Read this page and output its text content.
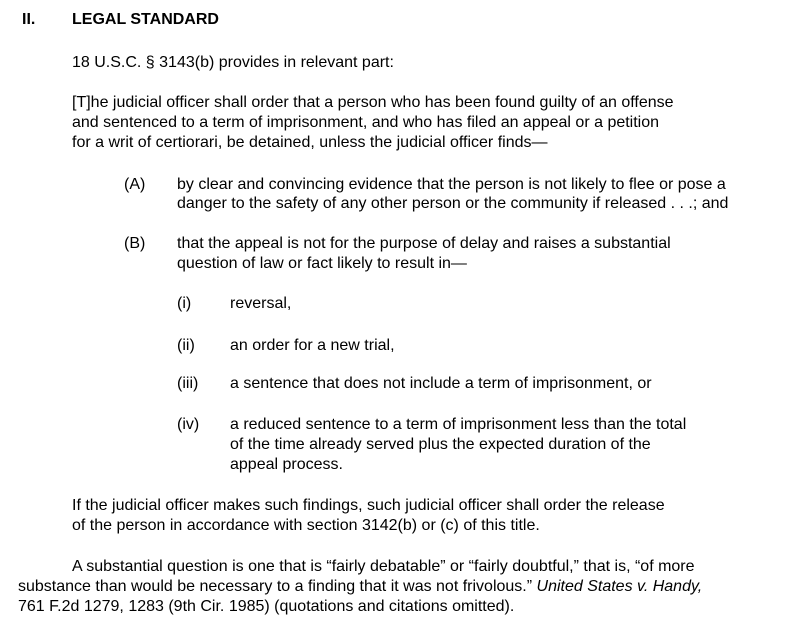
II. LEGAL STANDARD
18 U.S.C. § 3143(b) provides in relevant part:
[T]he judicial officer shall order that a person who has been found guilty of an offense
and sentenced to a term of imprisonment, and who has filed an appeal or a petition
for a writ of certiorari, be detained, unless the judicial officer finds—
(A) by clear and convincing evidence that the person is not likely to flee or pose a
danger to the safety of any other person or the community if released . . .; and
(B) that the appeal is not for the purpose of delay and raises a substantial
question of law or fact likely to result in—
(i) reversal,
(ii) an order for a new trial,
(iii) a sentence that does not include a term of imprisonment, or
(iv) a reduced sentence to a term of imprisonment less than the total
of the time already served plus the expected duration of the
appeal process.
If the judicial officer makes such findings, such judicial officer shall order the release
of the person in accordance with section 3142(b) or (c) of this title.
A substantial question is one that is “fairly debatable” or “fairly doubtful,” that is, “of more
substance than would be necessary to a finding that it was not frivolous.” United States v. Handy,
761 F.2d 1279, 1283 (9th Cir. 1985) (quotations and citations omitted).
